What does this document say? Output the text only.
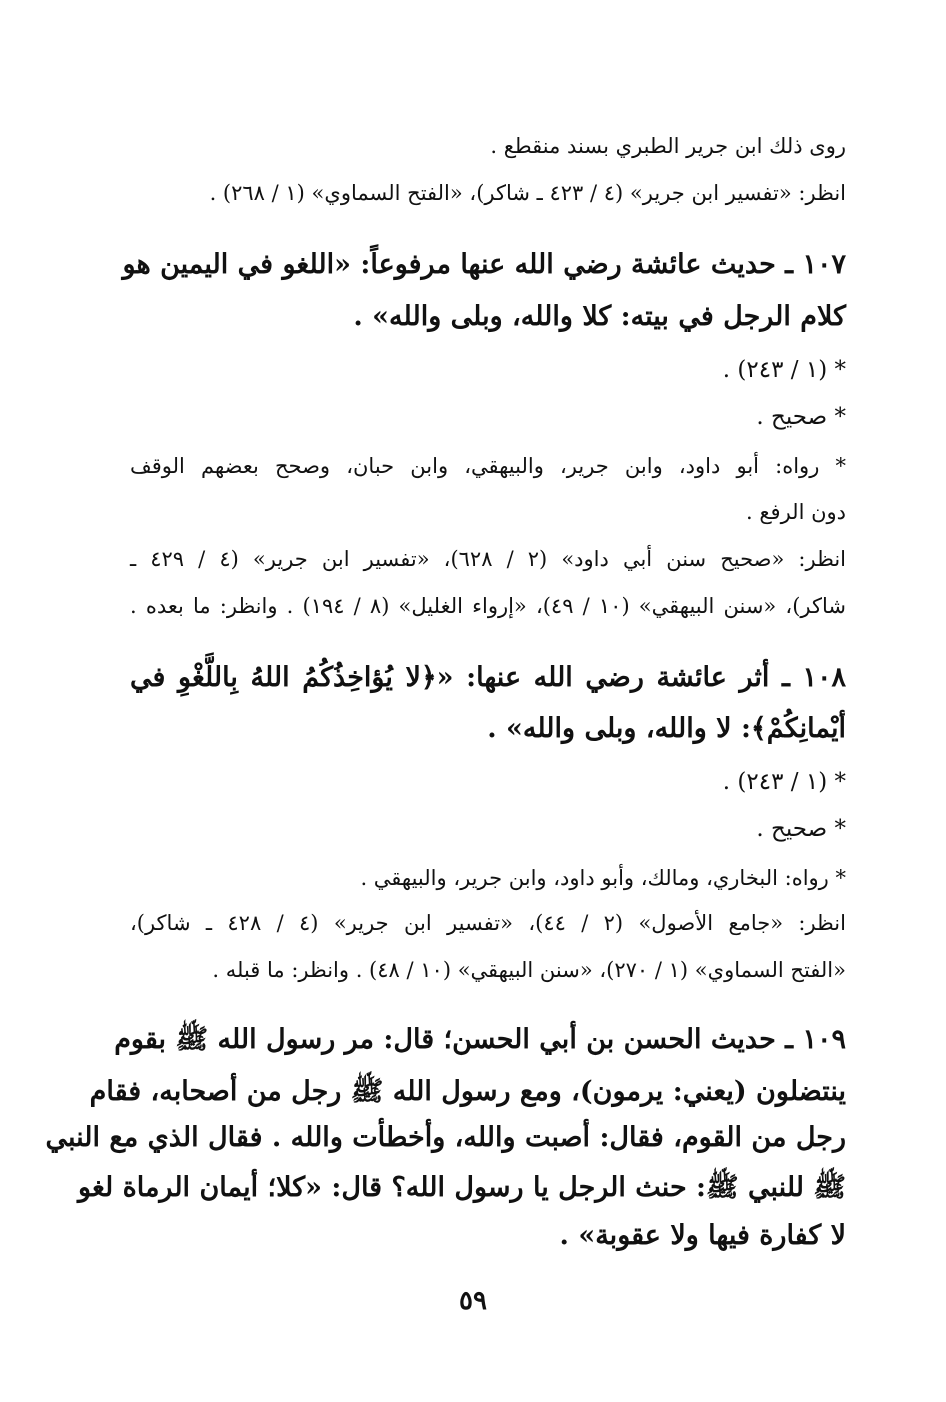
روى ذلك ابن جرير الطبري بسند منقطع .
انظر: «تفسير ابن جرير» (٤ / ٤٢٣ ـ شاكر)، «الفتح السماوي» (١ / ٢٦٨) .
١٠٧ ـ حديث عائشة رضي الله عنها مرفوعاً: «اللغو في اليمين هو
كلام الرجل في بيته: كلا والله، وبلى والله» .
* (١ / ٢٤٣) .
* صحيح .
* رواه: أبو داود، وابن جرير، والبيهقي، وابن حبان، وصحح بعضهم الوقف
دون الرفع .
انظر: «صحيح سنن أبي داود» (٢ / ٦٢٨)، «تفسير ابن جرير» (٤ / ٤٢٩ ـ
شاكر)، «سنن البيهقي» (١٠ / ٤٩)، «إرواء الغليل» (٨ / ١٩٤) . وانظر: ما بعده .
١٠٨ ـ أثر عائشة رضي الله عنها: «﴿لا يُؤاخِذُكُمُ اللهُ بِاللَّغْوِ في
أيْمانِكُمْ﴾: لا والله، وبلى والله» .
* (١ / ٢٤٣) .
* صحيح .
* رواه: البخاري، ومالك، وأبو داود، وابن جرير، والبيهقي .
انظر: «جامع الأصول» (٢ / ٤٤)، «تفسير ابن جرير» (٤ / ٤٢٨ ـ شاكر)،
«الفتح السماوي» (١ / ٢٧٠)، «سنن البيهقي» (١٠ / ٤٨) . وانظر: ما قبله .
١٠٩ ـ حديث الحسن بن أبي الحسن؛ قال: مر رسول الله ﷺ بقوم
ينتضلون (يعني: يرمون)، ومع رسول الله ﷺ رجل من أصحابه، فقام
رجل من القوم، فقال: أصبت والله، وأخطأت والله . فقال الذي مع النبي
ﷺ للنبي ﷺ: حنث الرجل يا رسول الله؟ قال: «كلا؛ أيمان الرماة لغو
لا كفارة فيها ولا عقوبة» .
٥٩
